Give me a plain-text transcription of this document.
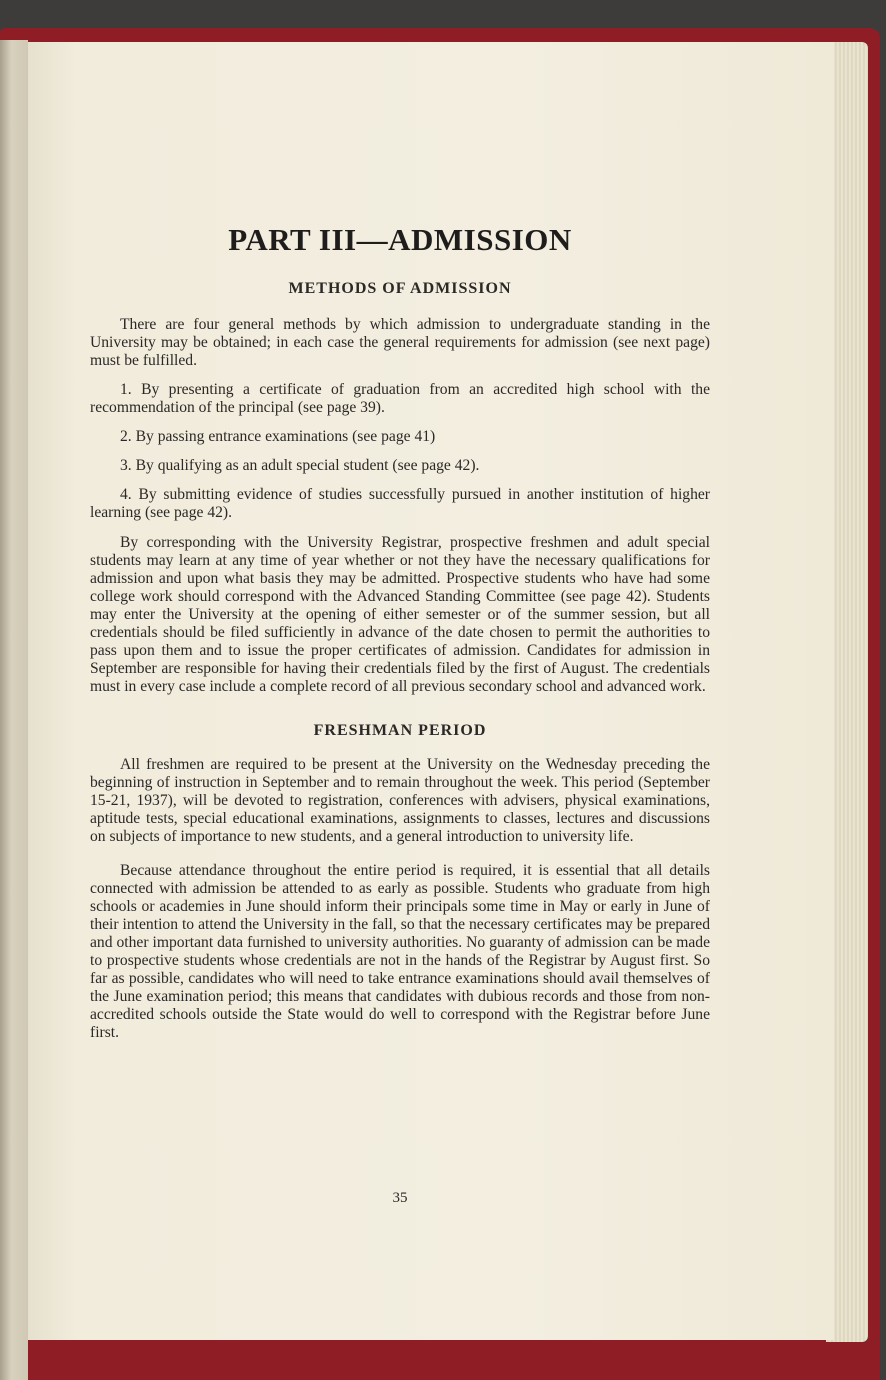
PART III—ADMISSION
METHODS OF ADMISSION

There are four general methods by which admission to undergraduate standing in the University may be obtained; in each case the general requirements for admission (see next page) must be fulfilled.

1. By presenting a certificate of graduation from an accredited high school with the recommendation of the principal (see page 39).

2. By passing entrance examinations (see page 41)

3. By qualifying as an adult special student (see page 42).

4. By submitting evidence of studies successfully pursued in another institution of higher learning (see page 42).

By corresponding with the University Registrar, prospective freshmen and adult special students may learn at any time of year whether or not they have the necessary qualifications for admission and upon what basis they may be admitted. Prospective students who have had some college work should correspond with the Advanced Standing Committee (see page 42). Students may enter the University at the opening of either semester or of the summer session, but all credentials should be filed sufficiently in advance of the date chosen to permit the authorities to pass upon them and to issue the proper certificates of admission. Candidates for admission in September are responsible for having their credentials filed by the first of August. The credentials must in every case include a complete record of all previous secondary school and advanced work.

FRESHMAN PERIOD

All freshmen are required to be present at the University on the Wednesday preceding the beginning of instruction in September and to remain throughout the week. This period (September 15-21, 1937), will be devoted to registration, conferences with advisers, physical examinations, aptitude tests, special educational examinations, assignments to classes, lectures and discussions on subjects of importance to new students, and a general introduction to university life.

Because attendance throughout the entire period is required, it is essential that all details connected with admission be attended to as early as possible. Students who graduate from high schools or academies in June should inform their principals some time in May or early in June of their intention to attend the University in the fall, so that the necessary certificates may be prepared and other important data furnished to university authorities. No guaranty of admission can be made to prospective students whose credentials are not in the hands of the Registrar by August first. So far as possible, candidates who will need to take entrance examinations should avail themselves of the June examination period; this means that candidates with dubious records and those from non-accredited schools outside the State would do well to correspond with the Registrar before June first.

35
